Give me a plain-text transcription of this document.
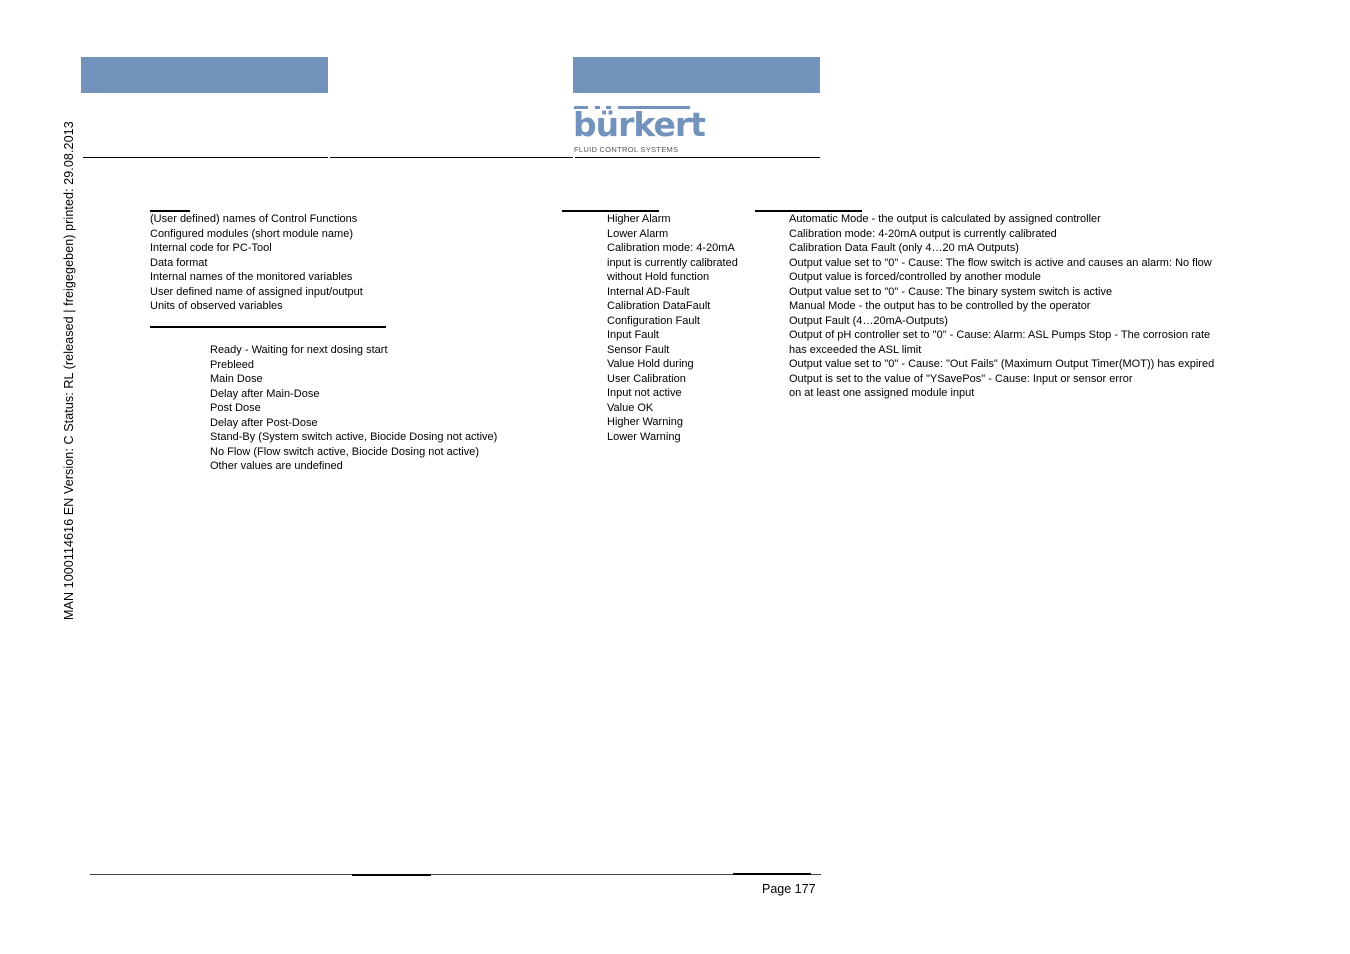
bürkert
FLUID CONTROL SYSTEMS
MAN 1000114616 EN Version: C Status: RL (released | freigegeben) printed: 29.08.2013	(User defined) names of Control Functions
Configured modules (short module name)
Internal code for PC-Tool
Data format
Internal names of the monitored variables
User defined name of assigned input/output
Units of observed variables
Ready - Waiting for next dosing start
Prebleed
Main Dose
Delay after Main-Dose
Post Dose
Delay after Post-Dose
Stand-By (System switch active, Biocide Dosing not active)
No Flow (Flow switch active, Biocide Dosing not active)
Other values are undefined
Higher Alarm
Lower Alarm
Calibration mode: 4-20mA
input is currently calibrated
without Hold function
Internal AD-Fault
Calibration DataFault
Configuration Fault
Input Fault
Sensor Fault
Value Hold during
User Calibration
Input not active
Value OK
Higher Warning
Lower Warning
Automatic Mode - the output is calculated by assigned controller
Calibration mode: 4-20mA output is currently calibrated
Calibration Data Fault (only 4…20 mA Outputs)
Output value set to "0" - Cause: The flow switch is active and causes an alarm: No flow
Output value is forced/controlled by another module
Output value set to "0" - Cause: The binary system switch is active
Manual Mode - the output has to be controlled by the operator
Output Fault (4…20mA-Outputs)
Output of pH controller set to "0" - Cause: Alarm: ASL Pumps Stop - The corrosion rate
has exceeded the ASL limit
Output value set to "0" - Cause: "Out Fails" (Maximum Output Timer(MOT)) has expired
Output is set to the value of "YSavePos" - Cause: Input or sensor error
on at least one assigned module input
Page 177
